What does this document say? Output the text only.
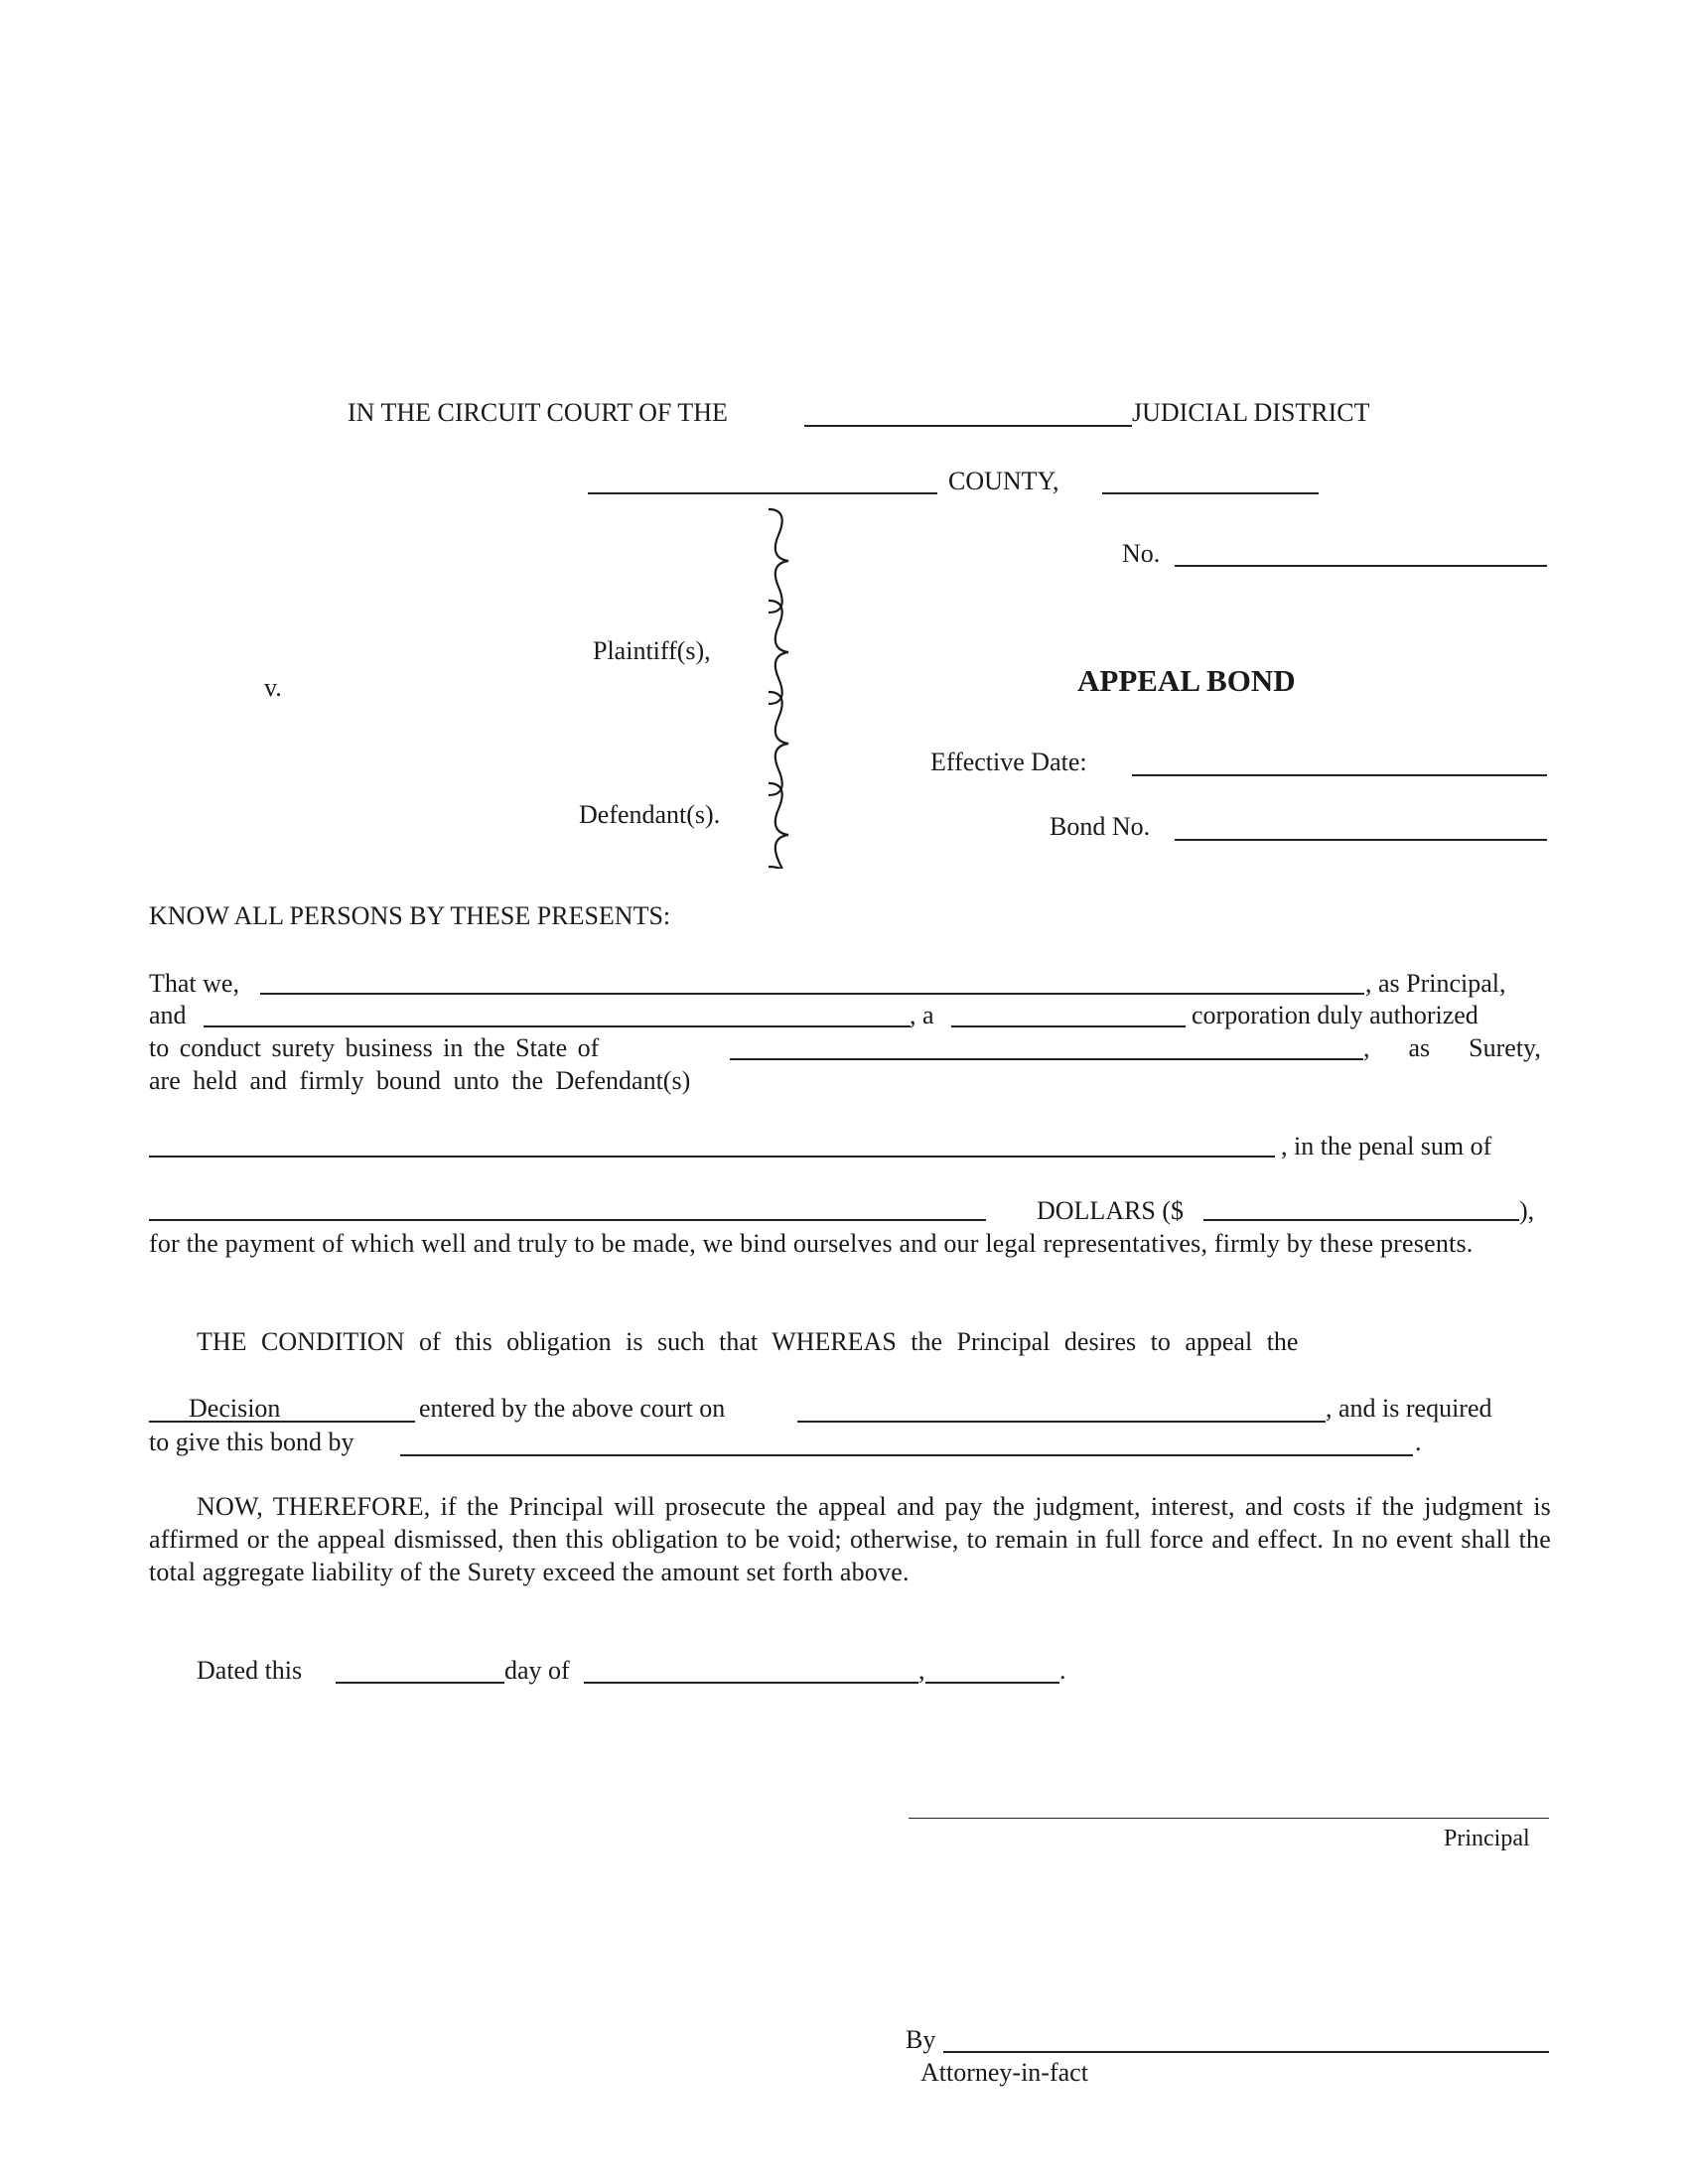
IN THE CIRCUIT COURT OF THE	JUDICIAL DISTRICT
COUNTY,
Plaintiff(s),
v.
Defendant(s).
No.
APPEAL BOND
Effective Date:
Bond No.
KNOW ALL PERSONS BY THESE PRESENTS:
That we,	, as Principal,
and	, a	corporation duly authorized
to conduct surety business in the State of	,      as      Surety,
are held and firmly bound unto the Defendant(s)
, in the penal sum of
DOLLARS ($	),
for the payment of which well and truly to be made, we bind ourselves and our legal representatives, firmly by these presents.
THE CONDITION of this obligation is such that WHEREAS the Principal desires to appeal the
Decision	entered by the above court on	, and is required
to give this bond by	.
NOW, THEREFORE, if the Principal will prosecute the appeal and pay the judgment, interest, and costs if the judgment is affirmed or the appeal dismissed, then this obligation to be void; otherwise, to remain in full force and effect. In no event shall the total aggregate liability of the Surety exceed the amount set forth above.
Dated this	day of	,	.
Principal
By
Attorney-in-fact
